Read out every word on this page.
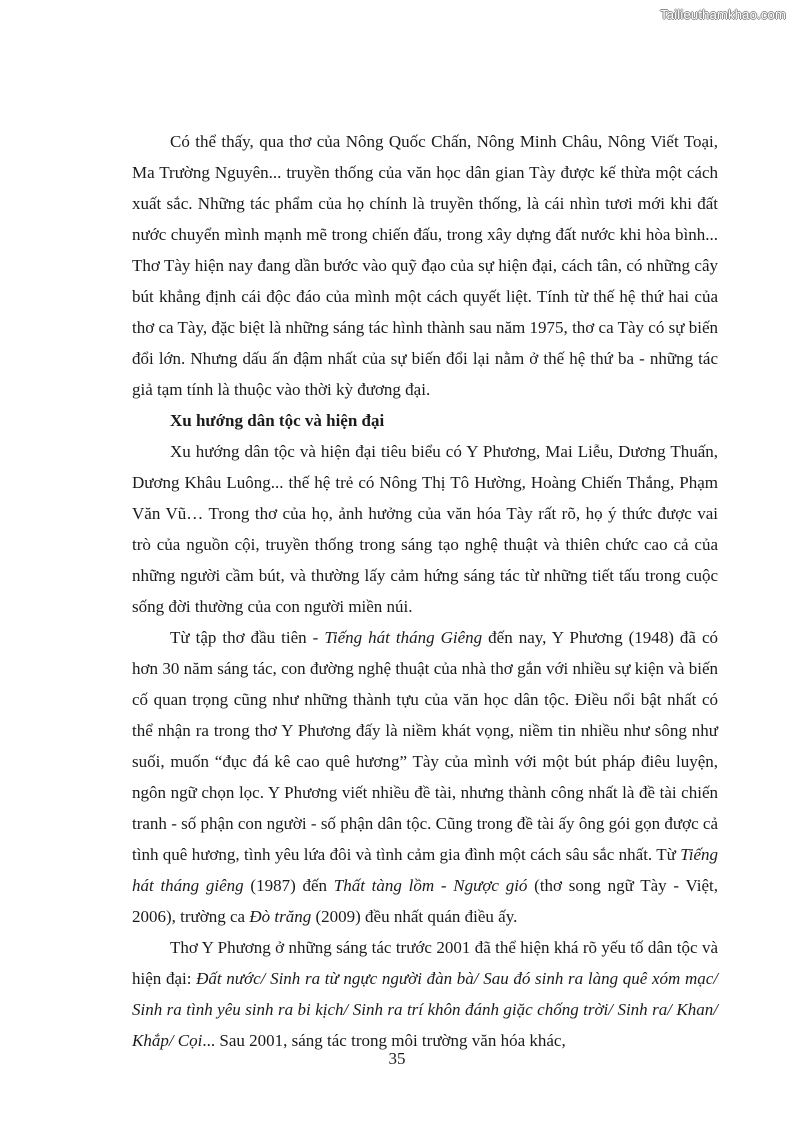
Tailieuthamkhao.com

Có thể thấy, qua thơ của Nông Quốc Chấn, Nông Minh Châu, Nông Viết Toại, Ma Trường Nguyên... truyền thống của văn học dân gian Tày được kế thừa một cách xuất sắc. Những tác phẩm của họ chính là truyền thống, là cái nhìn tươi mới khi đất nước chuyển mình mạnh mẽ trong chiến đấu, trong xây dựng đất nước khi hòa bình... Thơ Tày hiện nay đang dần bước vào quỹ đạo của sự hiện đại, cách tân, có những cây bút khẳng định cái độc đáo của mình một cách quyết liệt. Tính từ thế hệ thứ hai của thơ ca Tày, đặc biệt là những sáng tác hình thành sau năm 1975, thơ ca Tày có sự biến đổi lớn. Nhưng dấu ấn đậm nhất của sự biến đổi lại nằm ở thế hệ thứ ba - những tác giả tạm tính là thuộc vào thời kỳ đương đại.

Xu hướng dân tộc và hiện đại

Xu hướng dân tộc và hiện đại tiêu biểu có Y Phương, Mai Liễu, Dương Thuấn, Dương Khâu Luông... thế hệ trẻ có Nông Thị Tô Hường, Hoàng Chiến Thắng, Phạm Văn Vũ… Trong thơ của họ, ảnh hưởng của văn hóa Tày rất rõ, họ ý thức được vai trò của nguồn cội, truyền thống trong sáng tạo nghệ thuật và thiên chức cao cả của những người cầm bút, và thường lấy cảm hứng sáng tác từ những tiết tấu trong cuộc sống đời thường của con người miền núi.

Từ tập thơ đầu tiên - Tiếng hát tháng Giêng đến nay, Y Phương (1948) đã có hơn 30 năm sáng tác, con đường nghệ thuật của nhà thơ gắn với nhiều sự kiện và biến cố quan trọng cũng như những thành tựu của văn học dân tộc. Điều nổi bật nhất có thể nhận ra trong thơ Y Phương đấy là niềm khát vọng, niềm tin nhiều như sông như suối, muốn “đục đá kê cao quê hương” Tày của mình với một bút pháp điêu luyện, ngôn ngữ chọn lọc. Y Phương viết nhiều đề tài, nhưng thành công nhất là đề tài chiến tranh - số phận con người - số phận dân tộc. Cũng trong đề tài ấy ông gói gọn được cả tình quê hương, tình yêu lứa đôi và tình cảm gia đình một cách sâu sắc nhất. Từ Tiếng hát tháng giêng (1987) đến Thất tàng lồm - Ngược gió (thơ song ngữ Tày - Việt, 2006), trường ca Đò trăng (2009) đều nhất quán điều ấy.

Thơ Y Phương ở những sáng tác trước 2001 đã thể hiện khá rõ yếu tố dân tộc và hiện đại: Đất nước/ Sinh ra từ ngực người đàn bà/ Sau đó sinh ra làng quê xóm mạc/ Sinh ra tình yêu sinh ra bi kịch/ Sinh ra trí khôn đánh giặc chống trời/ Sinh ra/ Khan/ Khắp/ Cọi... Sau 2001, sáng tác trong môi trường văn hóa khác,

35
